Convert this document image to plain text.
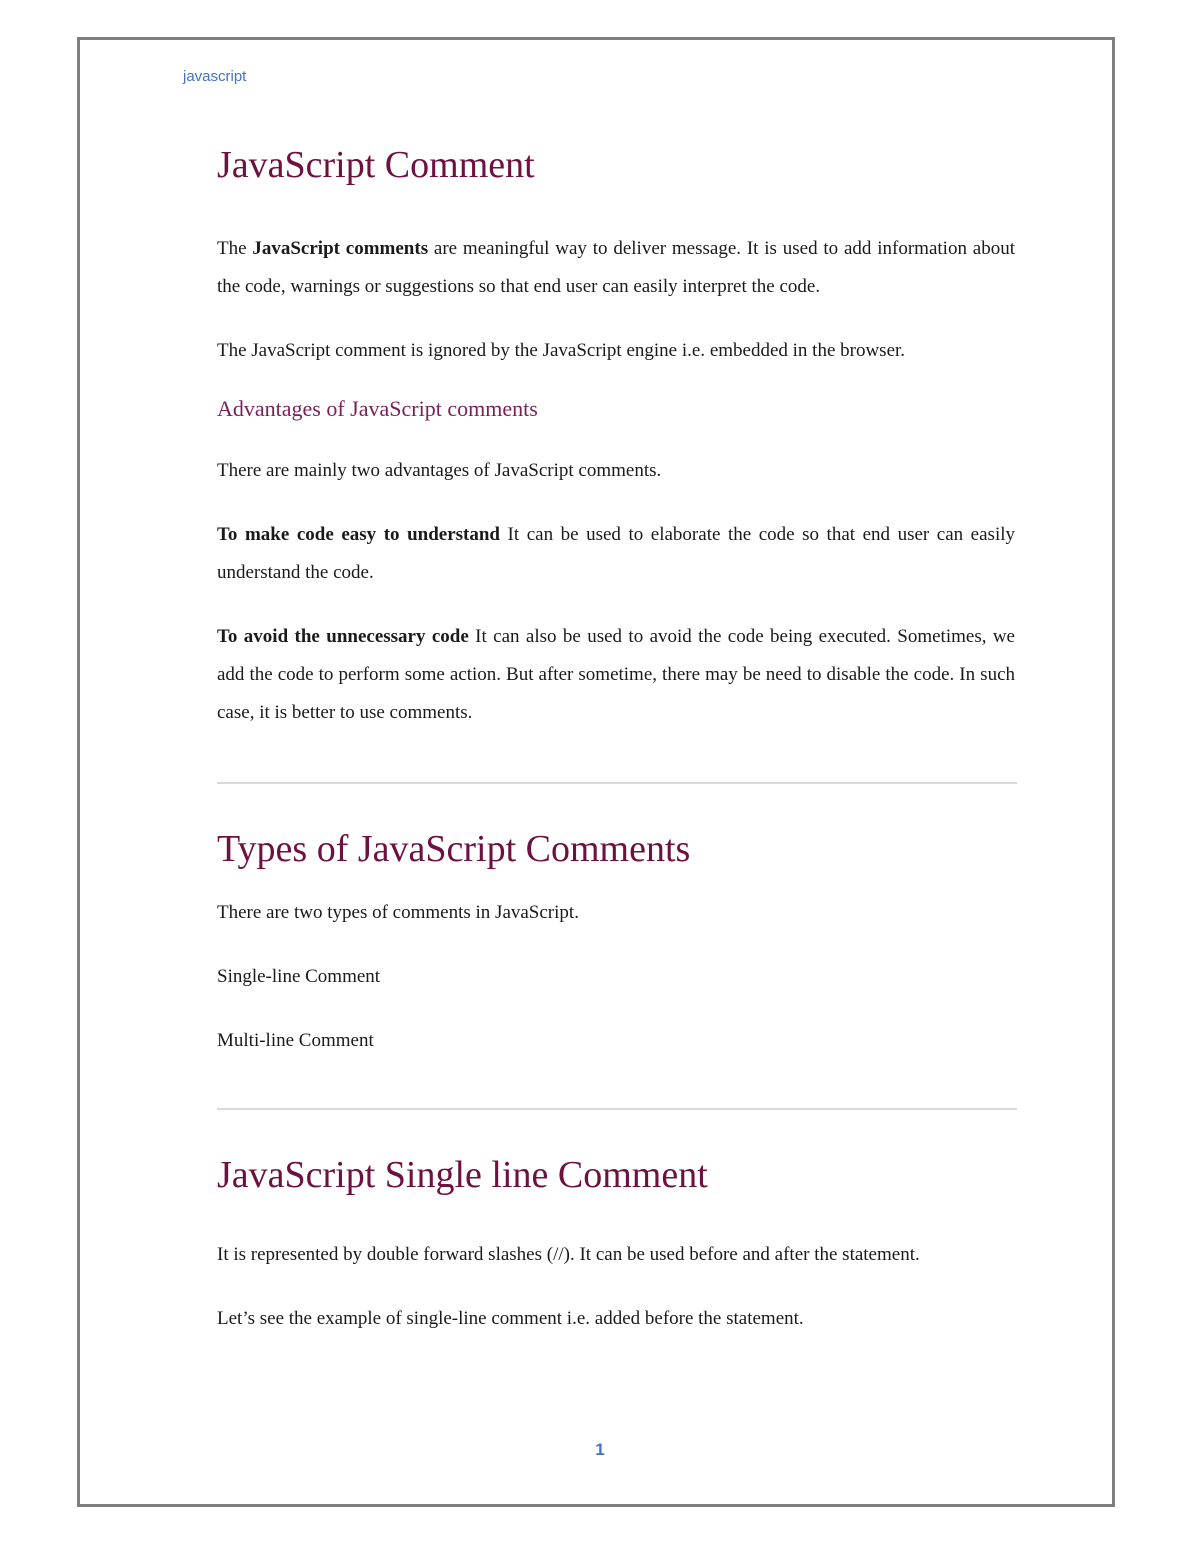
javascript
JavaScript Comment

The JavaScript comments are meaningful way to deliver message. It is used to add information about the code, warnings or suggestions so that end user can easily interpret the code.

The JavaScript comment is ignored by the JavaScript engine i.e. embedded in the browser.

Advantages of JavaScript comments

There are mainly two advantages of JavaScript comments.

To make code easy to understand It can be used to elaborate the code so that end user can easily understand the code.

To avoid the unnecessary code It can also be used to avoid the code being executed. Sometimes, we add the code to perform some action. But after sometime, there may be need to disable the code. In such case, it is better to use comments.

Types of JavaScript Comments

There are two types of comments in JavaScript.

Single-line Comment

Multi-line Comment

JavaScript Single line Comment

It is represented by double forward slashes (//). It can be used before and after the statement.

Let’s see the example of single-line comment i.e. added before the statement.

1
